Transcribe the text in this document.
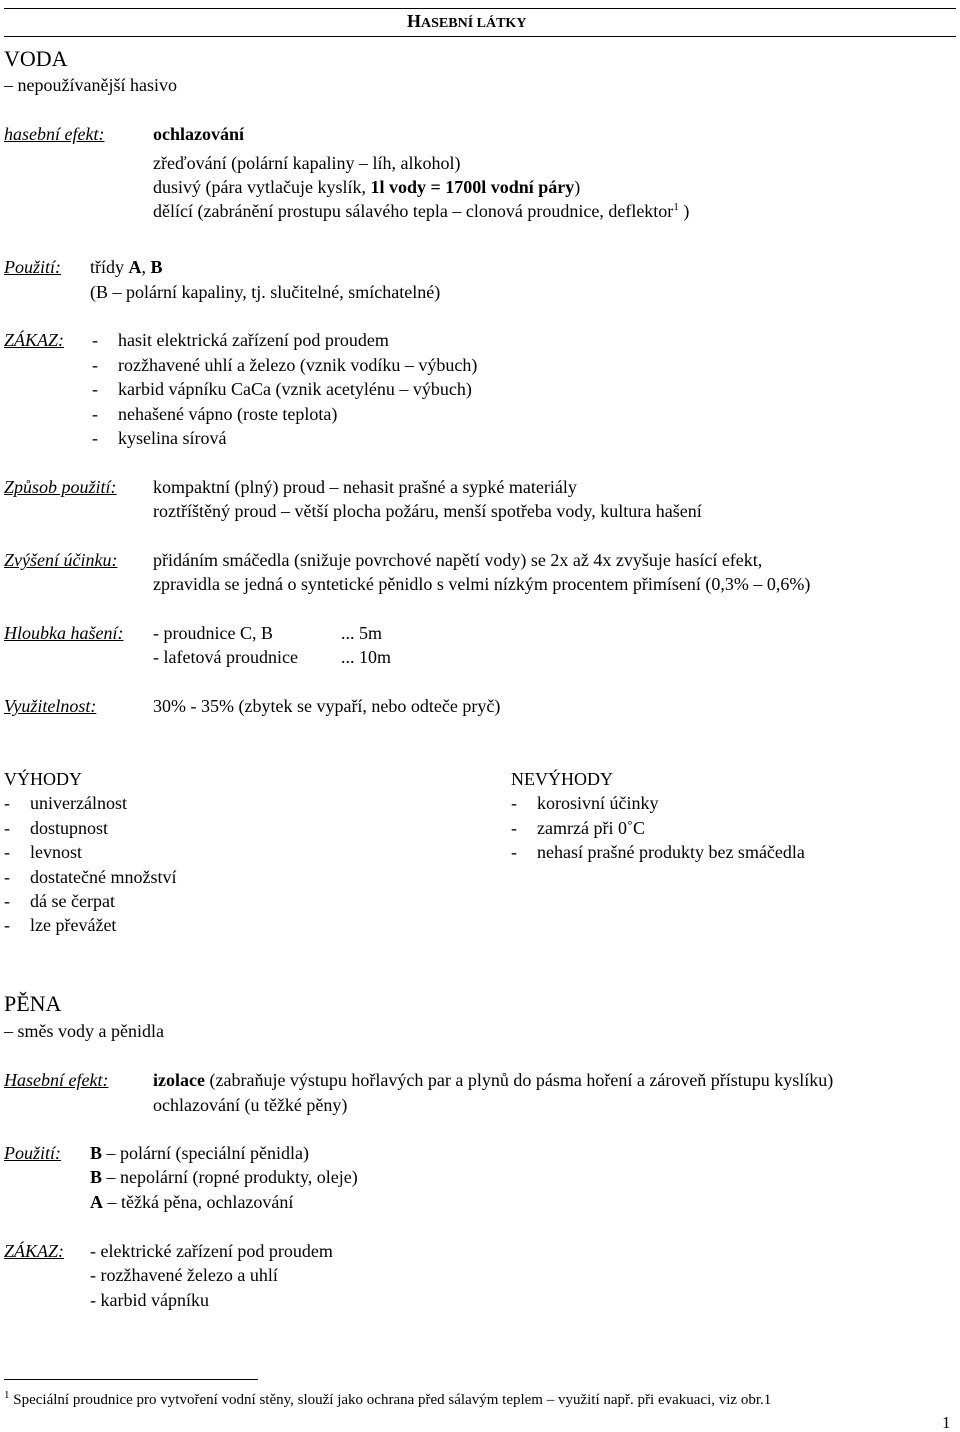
HASEBNÍ LÁTKY
VODA
– nepoužívanější hasivo
hasební efekt:	ochlazování
zřeďování (polární kapaliny – líh, alkohol)
dusivý (pára vytlačuje kyslík, 1l vody = 1700l vodní páry)
dělící (zabránění prostupu sálavého tepla – clonová proudnice, deflektor$^1$ )
Použití: třídy A, B
(B – polární kapaliny, tj. slučitelné, smíchatelné)
ZÁKAZ: - hasit elektrická zařízení pod proudem
- rozžhavené uhlí a železo (vznik vodíku – výbuch)
- karbid vápníku CaCa (vznik acetylénu – výbuch)
- nehašené vápno (roste teplota)
- kyselina sírová
Způsob použití: kompaktní (plný) proud – nehasit prašné a sypké materiály
roztříštěný proud – větší plocha požáru, menší spotřeba vody, kultura hašení
Zvýšení účinku: přidáním smáčedla (snižuje povrchové napětí vody) se 2x až 4x zvyšuje hasící efekt,
zpravidla se jedná o syntetické pěnidlo s velmi nízkým procentem přimísení (0,3% – 0,6%)
Hloubka hašení: - proudnice C, B	... 5m
- lafetová proudnice ... 10m
Využitelnost:	30% - 35% (zbytek se vypaří, nebo odteče pryč)
VÝHODY
- univerzálnost
- dostupnost
- levnost
- dostatečné množství
- dá se čerpat
- lze převážet
NEVÝHODY
- korosivní účinky
- zamrzá při 0˚C
- nehasí prašné produkty bez smáčedla
PĚNA
– směs vody a pěnidla
Hasební efekt: izolace (zabraňuje výstupu hořlavých par a plynů do pásma hoření a zároveň přístupu kyslíku)
ochlazování (u těžké pěny)
Použití: B – polární (speciální pěnidla)
B – nepolární (ropné produkty, oleje)
A – těžká pěna, ochlazování
ZÁKAZ: - elektrické zařízení pod proudem
- rozžhavené železo a uhlí
- karbid vápníku
$^1$ Speciální proudnice pro vytvoření vodní stěny, slouží jako ochrana před sálavým teplem – využití např. při evakuaci, viz obr.1
1
